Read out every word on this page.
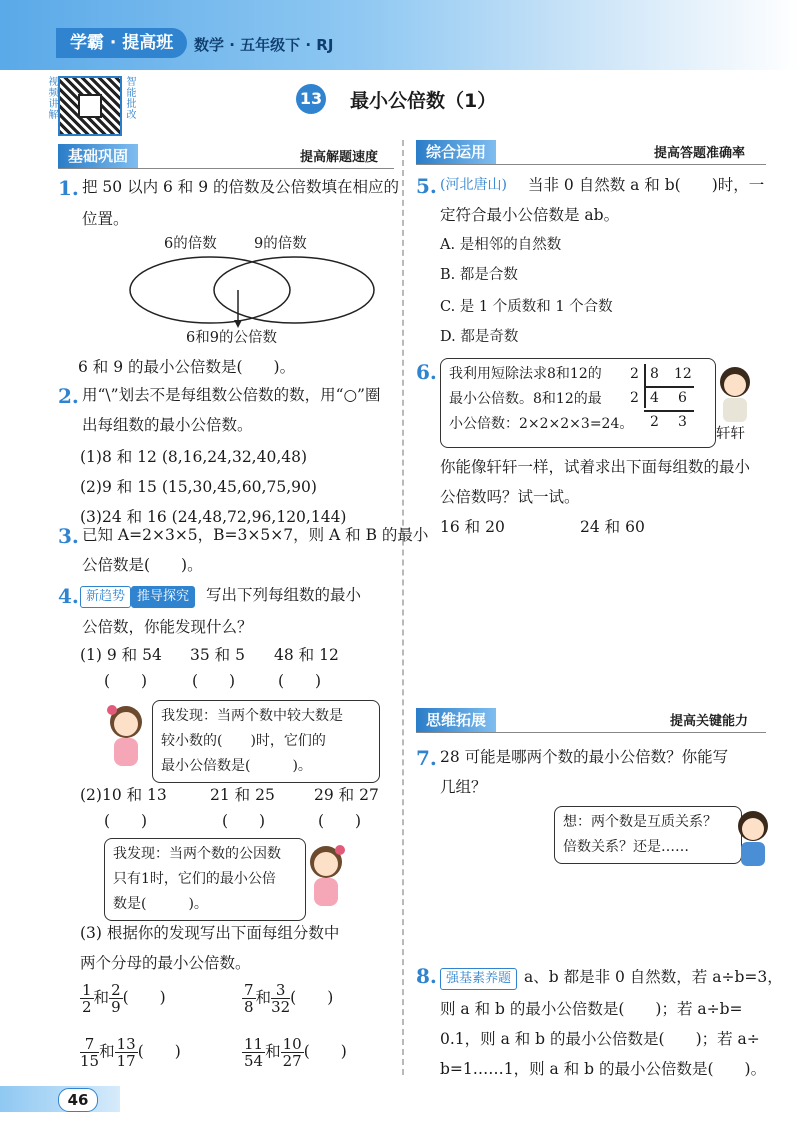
学霸 · 提高班	数学 · 五年级下 · RJ
视频讲解	智能批改	13 最小公倍数（1）
基础巩固	提高解题速度
1. 把 50 以内 6 和 9 的倍数及公倍数填在相应的
位置。
6的倍数	9的倍数
6和9的公倍数
6 和 9 的最小公倍数是(　　)。
2. 用“\”划去不是每组数公倍数的数，用“○”圈
出每组数的最小公倍数。
(1)8 和 12 (8,16,24,32,40,48)
(2)9 和 15 (15,30,45,60,75,90)
(3)24 和 16 (24,48,72,96,120,144)
3. 已知 A=2×3×5，B=3×5×7，则 A 和 B 的最小
公倍数是(　　)。
4. 新趋势 推导探究	写出下列每组数的最小
公倍数，你能发现什么？
(1) 9 和 54 35 和 5 48 和 12
(　　)	(　　)	(　　)
我发现：当两个数中较大数是
较小数的(　　)时，它们的
最小公倍数是(　　　)。
(2)10 和 13	21 和 25	29 和 27
(　　)	(　　)	(　　)
我发现：当两个数的公因数
只有1时，它们的最小公倍
数是(　　　)。
(3) 根据你的发现写出下面每组分数中
两个分母的最小公倍数。
$\frac{1}{2}$ 和 $\frac{2}{9}$ (　　)	$\frac{7}{8}$ 和 $\frac{3}{32}$ (　　)
$\frac{7}{15}$ 和 $\frac{13}{17}$ (　　)	$\frac{11}{54}$ 和 $\frac{10}{27}$ (　　)
综合运用	提高答题准确率
5. (河北唐山) 当非 0 自然数 a 和 b(　　)时，一
定符合最小公倍数是 ab。
A. 是相邻的自然数
B. 都是合数
C. 是 1 个质数和 1 个合数
D. 都是奇数
6. 我利用短除法求8和12的
最小公倍数。8和12的最
小公倍数：2×2×2×3=24。
2 8 12
2 4 6
2 3
轩轩
你能像轩轩一样，试着求出下面每组数的最小
公倍数吗？试一试。
16 和 20	24 和 60
思维拓展	提高关键能力
7. 28 可能是哪两个数的最小公倍数？你能写
几组？
想：两个数是互质关系？
倍数关系？还是……
8. 强基素养题 a、b 都是非 0 自然数，若 a÷b=3，
则 a 和 b 的最小公倍数是(　　)；若 a÷b=
0.1，则 a 和 b 的最小公倍数是(　　)；若 a÷
b=1……1，则 a 和 b 的最小公倍数是(　　)。
46
